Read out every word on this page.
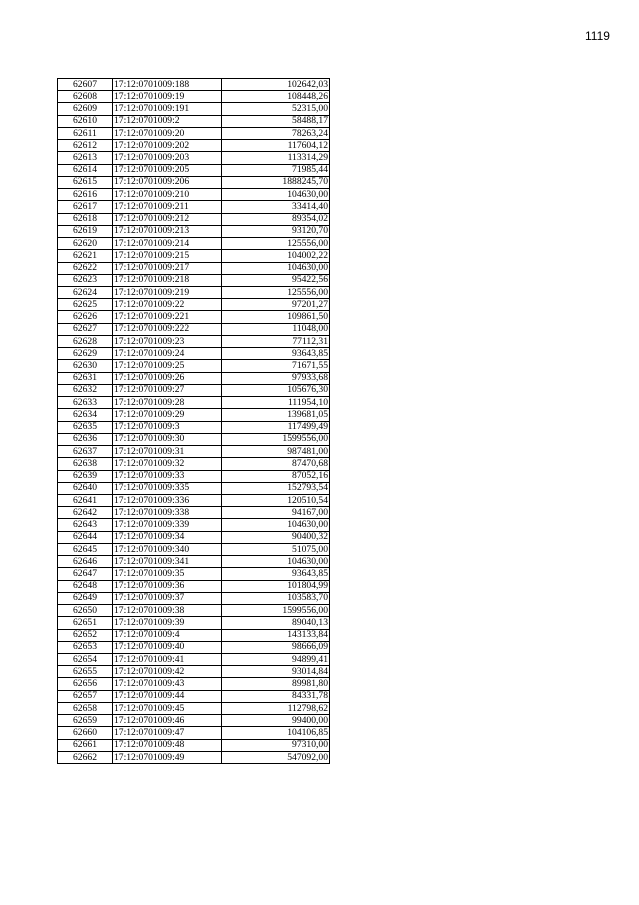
1119
62607	17:12:0701009:188	102642,03
62608	17:12:0701009:19	108448,26
62609	17:12:0701009:191	52315,00
62610	17:12:0701009:2	58488,17
62611	17:12:0701009:20	78263,24
62612	17:12:0701009:202	117604,12
62613	17:12:0701009:203	113314,29
62614	17:12:0701009:205	71985,44
62615	17:12:0701009:206	1888245,70
62616	17:12:0701009:210	104630,00
62617	17:12:0701009:211	33414,40
62618	17:12:0701009:212	89354,02
62619	17:12:0701009:213	93120,70
62620	17:12:0701009:214	125556,00
62621	17:12:0701009:215	104002,22
62622	17:12:0701009:217	104630,00
62623	17:12:0701009:218	95422,56
62624	17:12:0701009:219	125556,00
62625	17:12:0701009:22	97201,27
62626	17:12:0701009:221	109861,50
62627	17:12:0701009:222	11048,00
62628	17:12:0701009:23	77112,31
62629	17:12:0701009:24	93643,85
62630	17:12:0701009:25	71671,55
62631	17:12:0701009:26	97933,68
62632	17:12:0701009:27	105676,30
62633	17:12:0701009:28	111954,10
62634	17:12:0701009:29	139681,05
62635	17:12:0701009:3	117499,49
62636	17:12:0701009:30	1599556,00
62637	17:12:0701009:31	987481,00
62638	17:12:0701009:32	87470,68
62639	17:12:0701009:33	87052,16
62640	17:12:0701009:335	152793,54
62641	17:12:0701009:336	120510,54
62642	17:12:0701009:338	94167,00
62643	17:12:0701009:339	104630,00
62644	17:12:0701009:34	90400,32
62645	17:12:0701009:340	51075,00
62646	17:12:0701009:341	104630,00
62647	17:12:0701009:35	93643,85
62648	17:12:0701009:36	101804,99
62649	17:12:0701009:37	103583,70
62650	17:12:0701009:38	1599556,00
62651	17:12:0701009:39	89040,13
62652	17:12:0701009:4	143133,84
62653	17:12:0701009:40	98666,09
62654	17:12:0701009:41	94899,41
62655	17:12:0701009:42	93014,84
62656	17:12:0701009:43	89981,80
62657	17:12:0701009:44	84331,78
62658	17:12:0701009:45	112798,62
62659	17:12:0701009:46	99400,00
62660	17:12:0701009:47	104106,85
62661	17:12:0701009:48	97310,00
62662	17:12:0701009:49	547092,00
